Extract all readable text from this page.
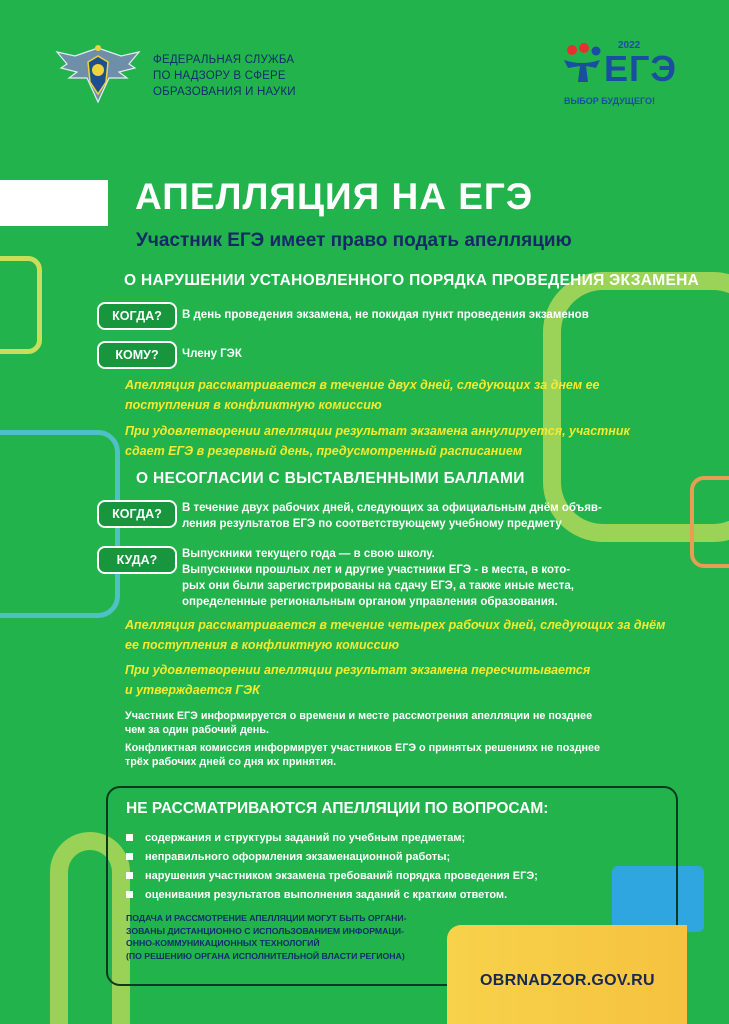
ФЕДЕРАЛЬНАЯ СЛУЖБА
ПО НАДЗОРУ В СФЕРЕ
ОБРАЗОВАНИЯ И НАУКИ
2022
ЕГЭ
ВЫБОР БУДУЩЕГО!
АПЕЛЛЯЦИЯ НА ЕГЭ
Участник ЕГЭ имеет право подать апелляцию
О НАРУШЕНИИ УСТАНОВЛЕННОГО ПОРЯДКА ПРОВЕДЕНИЯ ЭКЗАМЕНА
КОГДА?	В день проведения экзамена, не покидая пункт проведения экзаменов
КОМУ?	Члену ГЭК
Апелляция рассматривается в течение двух дней, следующих за днем ее
поступления в конфликтную комиссию
При удовлетворении апелляции результат экзамена аннулируется, участник
сдает ЕГЭ в резервный день, предусмотренный расписанием
О НЕСОГЛАСИИ С ВЫСТАВЛЕННЫМИ БАЛЛАМИ
КОГДА?	В течение двух рабочих дней, следующих за официальным днём объяв-
ления результатов ЕГЭ по соответствующему учебному предмету
КУДА?	Выпускники текущего года — в свою школу.
Выпускники прошлых лет и другие участники ЕГЭ - в места, в кото-
рых они были зарегистрированы на сдачу ЕГЭ, а также иные места,
определенные региональным органом управления образования.
Апелляция рассматривается в течение четырех рабочих дней, следующих за днём
ее поступления в конфликтную комиссию
При удовлетворении апелляции результат экзамена пересчитывается
и утверждается ГЭК
Участник ЕГЭ информируется о времени и месте рассмотрения апелляции не позднее
чем за один рабочий день.
Конфликтная комиссия информирует участников ЕГЭ о принятых решениях не позднее
трёх рабочих дней со дня их принятия.
НЕ РАССМАТРИВАЮТСЯ АПЕЛЛЯЦИИ ПО ВОПРОСАМ:
содержания и структуры заданий по учебным предметам;
неправильного оформления экзаменационной работы;
нарушения участником экзамена требований порядка проведения ЕГЭ;
оценивания результатов выполнения заданий с кратким ответом.
ПОДАЧА И РАССМОТРЕНИЕ АПЕЛЛЯЦИИ МОГУТ БЫТЬ ОРГАНИ-
ЗОВАНЫ ДИСТАНЦИОННО С ИСПОЛЬЗОВАНИЕМ ИНФОРМАЦИ-
ОННО-КОММУНИКАЦИОННЫХ ТЕХНОЛОГИЙ
(ПО РЕШЕНИЮ ОРГАНА ИСПОЛНИТЕЛЬНОЙ ВЛАСТИ РЕГИОНА)
OBRNADZOR.GOV.RU
